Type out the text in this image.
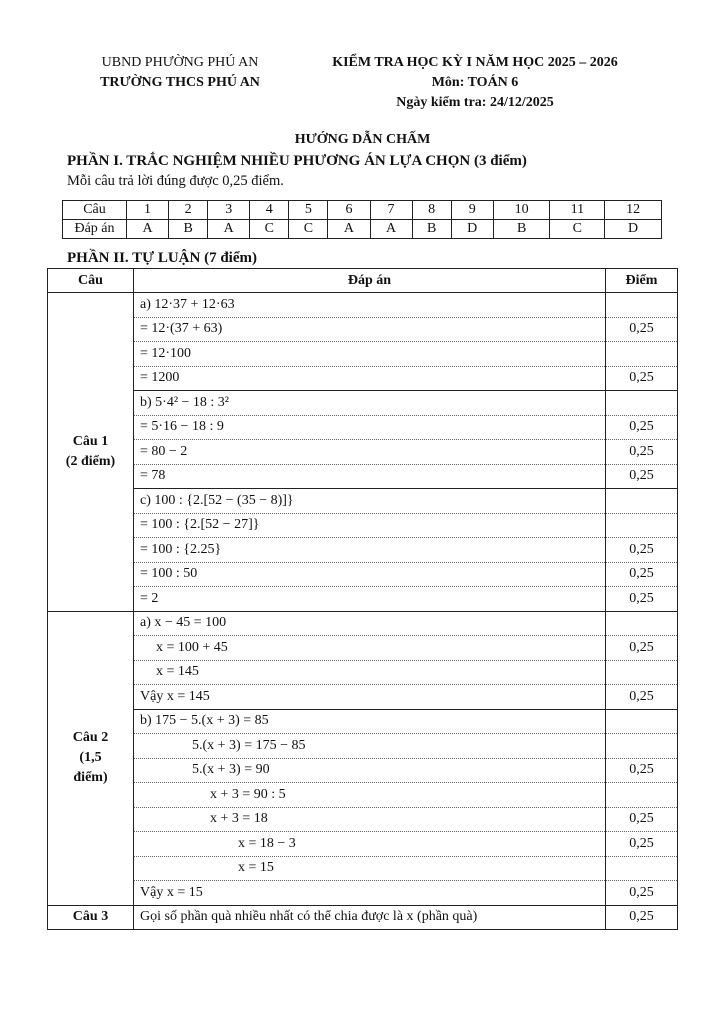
UBND PHƯỜNG PHÚ AN
TRƯỜNG THCS PHÚ AN
KIỂM TRA HỌC KỲ I NĂM HỌC 2025 – 2026
Môn: TOÁN 6
Ngày kiểm tra: 24/12/2025
HƯỚNG DẪN CHẤM
PHẦN I. TRẮC NGHIỆM NHIỀU PHƯƠNG ÁN LỰA CHỌN (3 điểm)
Mỗi câu trả lời đúng được 0,25 điểm.
Câu	1	2	3	4	5	6	7	8	9	10	11	12
Đáp án	A	B	A	C	C	A	A	B	D	B	C	D
PHẦN II. TỰ LUẬN (7 điểm)
Câu	Đáp án	Điểm

Câu 1
(2 điểm)	a) 12·37 + 12·63	
	= 12·(37 + 63)	0,25
	= 12·100	
	= 1200	0,25
	b) 5·4² − 18 : 3²	
	= 5·16 − 18 : 9	0,25
	= 80 − 2	0,25
	= 78	0,25
	c) 100 : {2.[52 − (35 − 8)]}	
	= 100 : {2.[52 − 27]}	
	= 100 : {2.25}	0,25
	= 100 : 50	0,25
	= 2	0,25

Câu 2
(1,5
điểm)	a) x − 45 = 100	
	x = 100 + 45	0,25
	x = 145	
	Vậy x = 145	0,25
	b) 175 − 5.(x + 3) = 85	
	5.(x + 3) = 175 − 85	
	5.(x + 3) = 90	0,25
	x + 3 = 90 : 5	
	x + 3 = 18	0,25
	x = 18 − 3	0,25
	x = 15	
	Vậy x = 15	0,25
Câu 3	Gọi số phần quà nhiều nhất có thể chia được là x (phần quà)	0,25
